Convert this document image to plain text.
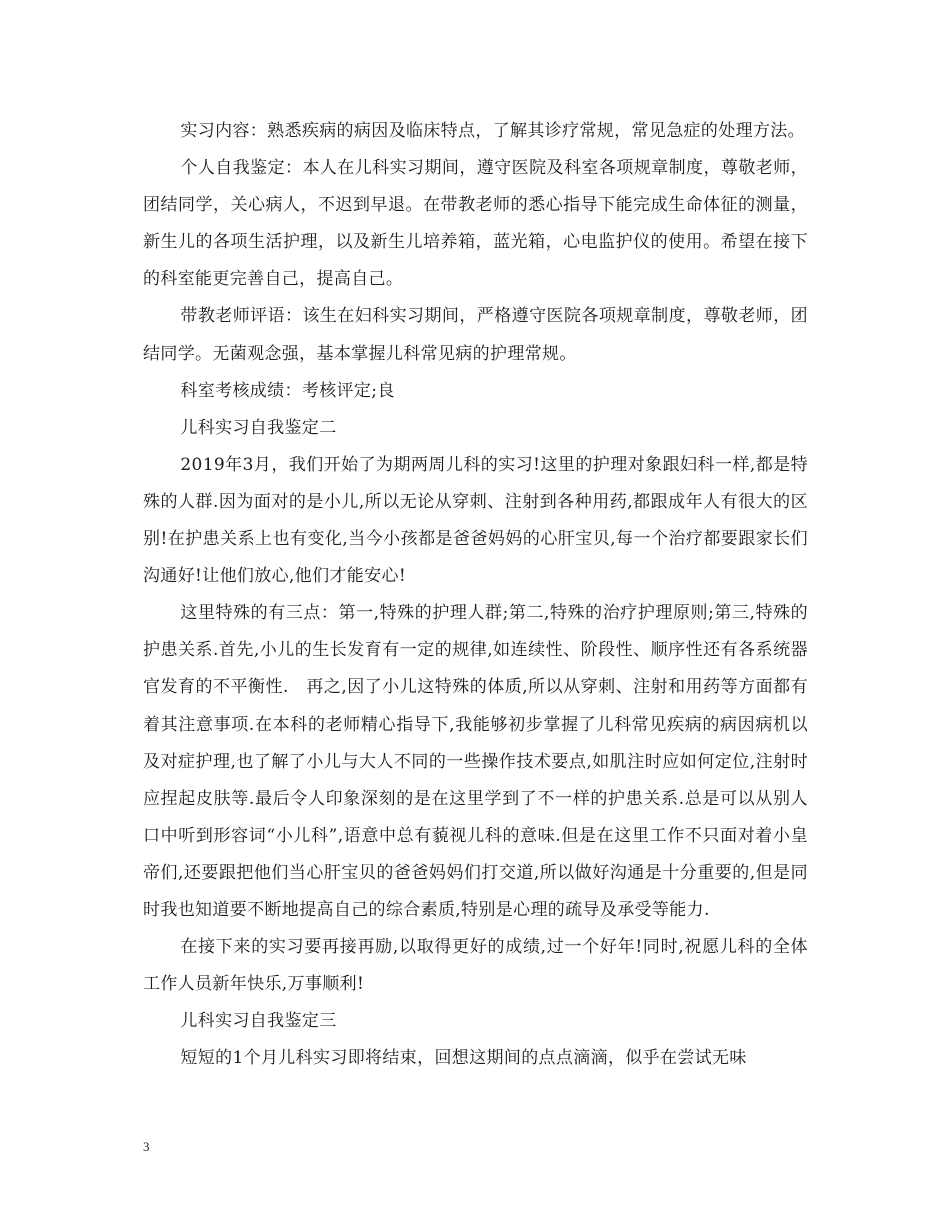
实习内容：熟悉疾病的病因及临床特点，了解其诊疗常规，常见急症的处理方法。

个人自我鉴定：本人在儿科实习期间，遵守医院及科室各项规章制度，尊敬老师，团结同学，关心病人，不迟到早退。在带教老师的悉心指导下能完成生命体征的测量，新生儿的各项生活护理，以及新生儿培养箱，蓝光箱，心电监护仪的使用。希望在接下的科室能更完善自己，提高自己。

带教老师评语：该生在妇科实习期间，严格遵守医院各项规章制度，尊敬老师，团结同学。无菌观念强，基本掌握儿科常见病的护理常规。

科室考核成绩：考核评定;良

儿科实习自我鉴定二

2019年3月，我们开始了为期两周儿科的实习!这里的护理对象跟妇科一样,都是特殊的人群.因为面对的是小儿,所以无论从穿刺、注射到各种用药,都跟成年人有很大的区别!在护患关系上也有变化,当今小孩都是爸爸妈妈的心肝宝贝,每一个治疗都要跟家长们沟通好!让他们放心,他们才能安心!

这里特殊的有三点：第一,特殊的护理人群;第二,特殊的治疗护理原则;第三,特殊的护患关系.首先,小儿的生长发育有一定的规律,如连续性、阶段性、顺序性还有各系统器官发育的不平衡性.　再之,因了小儿这特殊的体质,所以从穿刺、注射和用药等方面都有着其注意事项.在本科的老师精心指导下,我能够初步掌握了儿科常见疾病的病因病机以及对症护理,也了解了小儿与大人不同的一些操作技术要点,如肌注时应如何定位,注射时应捏起皮肤等.最后令人印象深刻的是在这里学到了不一样的护患关系.总是可以从别人口中听到形容词“小儿科”,语意中总有藐视儿科的意味.但是在这里工作不只面对着小皇帝们,还要跟把他们当心肝宝贝的爸爸妈妈们打交道,所以做好沟通是十分重要的,但是同时我也知道要不断地提高自己的综合素质,特别是心理的疏导及承受等能力.

在接下来的实习要再接再励,以取得更好的成绩,过一个好年!同时,祝愿儿科的全体工作人员新年快乐,万事顺利!

儿科实习自我鉴定三

短短的1个月儿科实习即将结束，回想这期间的点点滴滴，似乎在尝试无味

3
